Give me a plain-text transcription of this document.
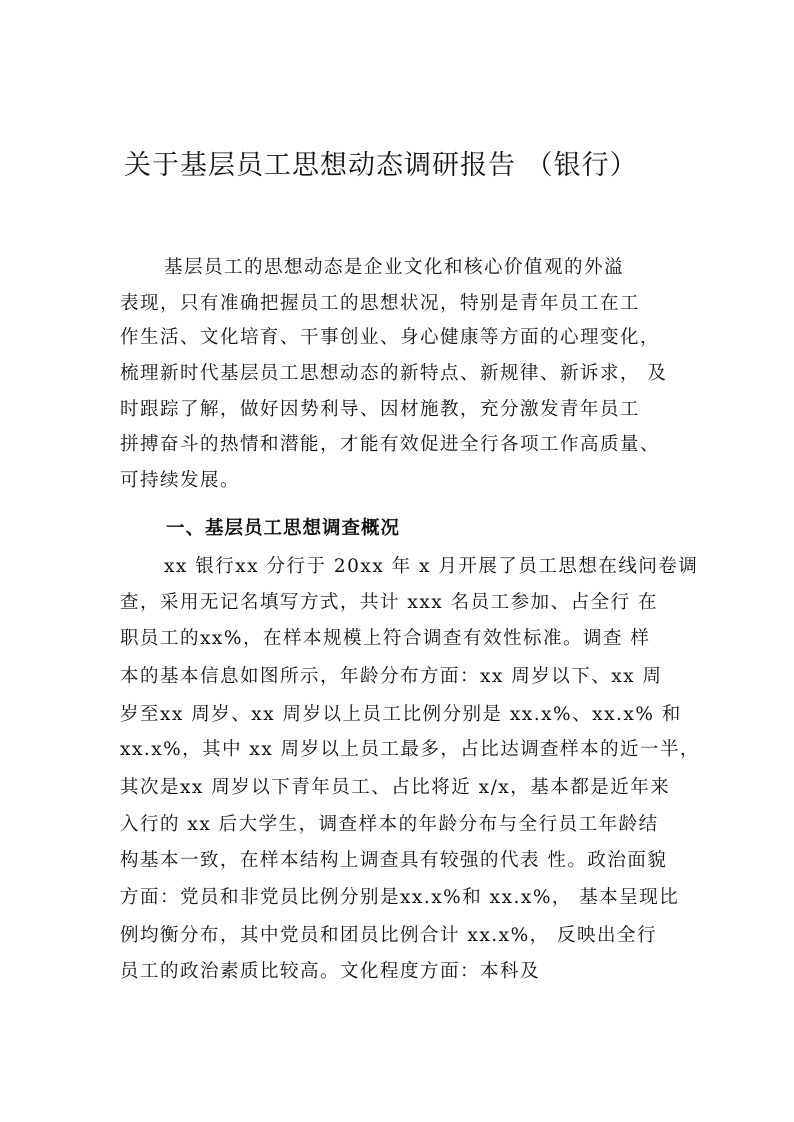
关于基层员工思想动态调研报告 （银行）
基层员工的思想动态是企业文化和核心价值观的外溢
表现，只有准确把握员工的思想状况，特别是青年员工在工
作生活、文化培育、干事创业、身心健康等方面的心理变化，
梳理新时代基层员工思想动态的新特点、新规律、新诉求， 及
时跟踪了解，做好因势利导、因材施教，充分激发青年员工
拼搏奋斗的热情和潜能，才能有效促进全行各项工作高质量、
可持续发展。
一、基层员工思想调查概况
xx 银行xx 分行于 20xx 年 x 月开展了员工思想在线问卷调
查，采用无记名填写方式，共计 xxx 名员工参加、占全行 在
职员工的xx%，在样本规模上符合调查有效性标准。调查 样
本的基本信息如图所示，年龄分布方面：xx 周岁以下、xx 周
岁至xx 周岁、xx 周岁以上员工比例分别是 xx.x%、xx.x% 和
xx.x%，其中 xx 周岁以上员工最多，占比达调查样本的近一半，
其次是xx 周岁以下青年员工、占比将近 x/x，基本都是近年来
入行的 xx 后大学生，调查样本的年龄分布与全行员工年龄结
构基本一致，在样本结构上调查具有较强的代表 性。政治面貌
方面：党员和非党员比例分别是xx.x%和 xx.x%， 基本呈现比
例均衡分布，其中党员和团员比例合计 xx.x%， 反映出全行
员工的政治素质比较高。文化程度方面：本科及
